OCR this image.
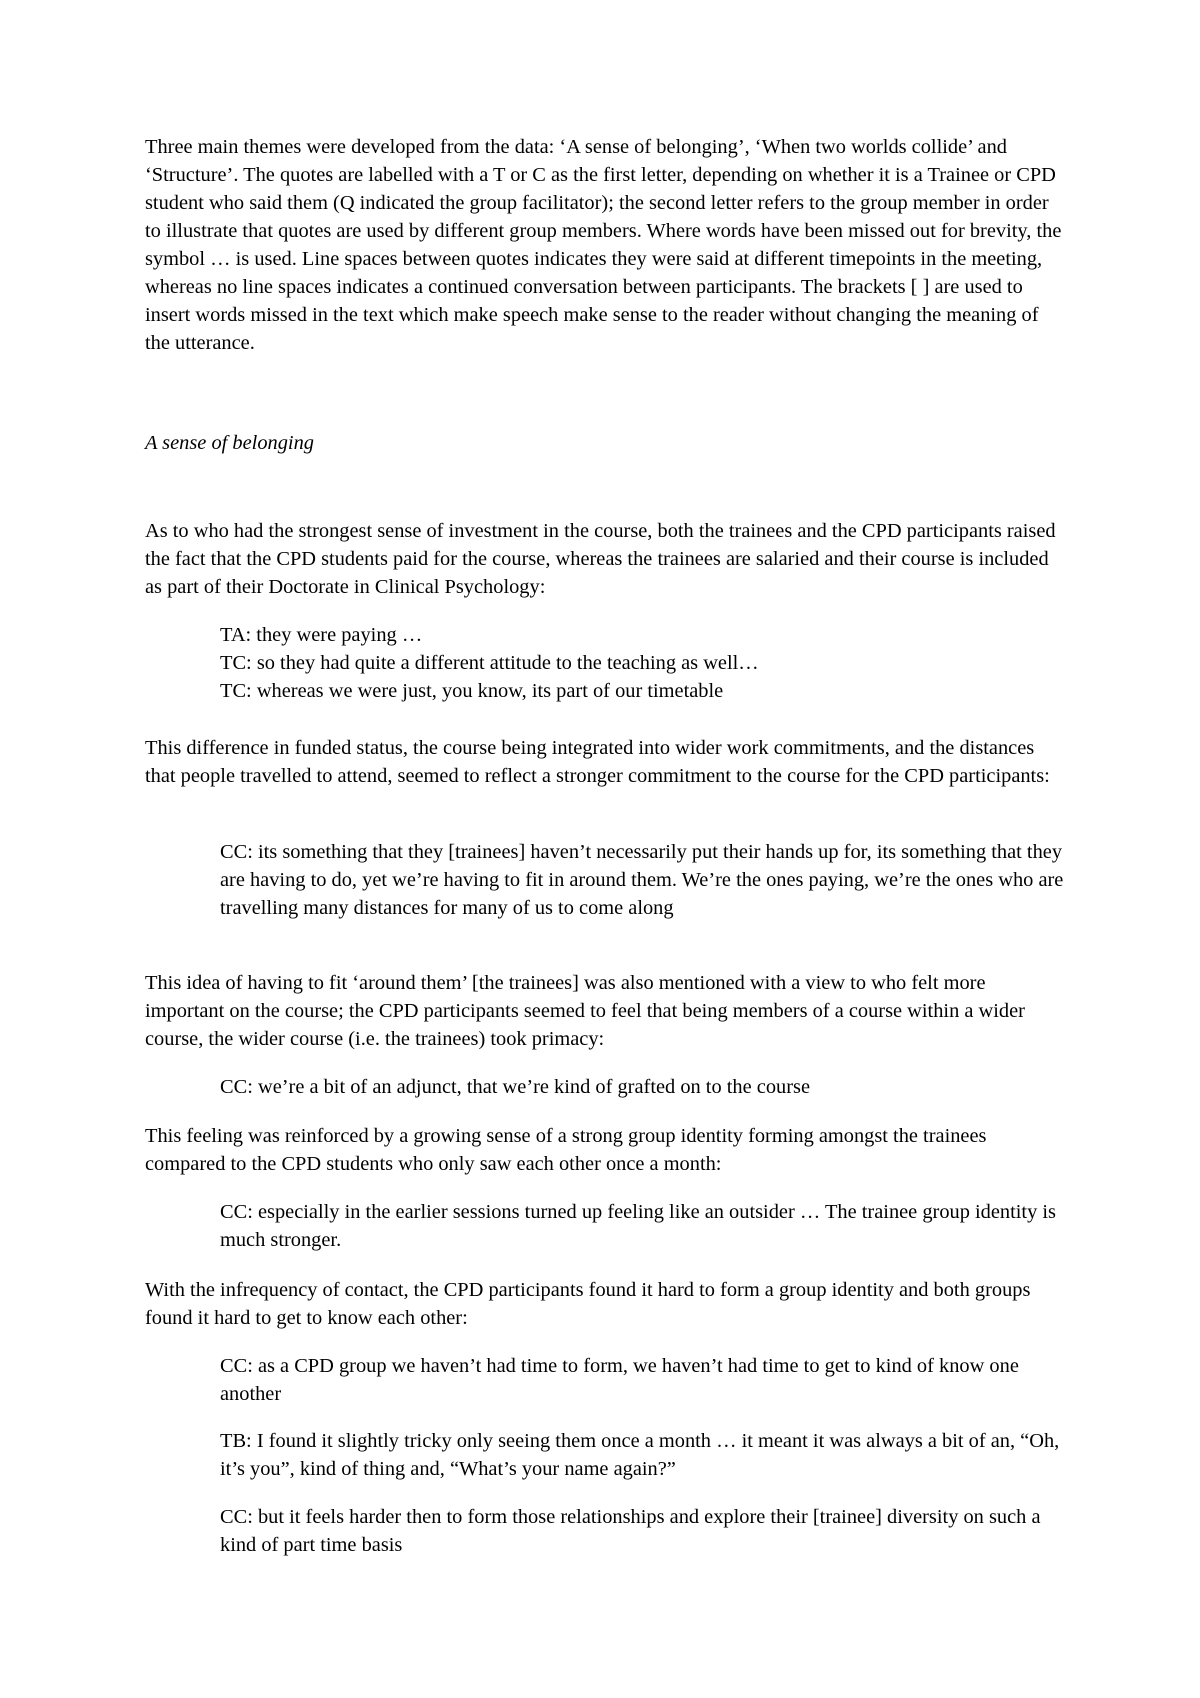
Three main themes were developed from the data: ‘A sense of belonging’, ‘When two worlds collide’ and ‘Structure’. The quotes are labelled with a T or C as the first letter, depending on whether it is a Trainee or CPD student who said them (Q indicated the group facilitator); the second letter refers to the group member in order to illustrate that quotes are used by different group members. Where words have been missed out for brevity, the symbol … is used. Line spaces between quotes indicates they were said at different timepoints in the meeting, whereas no line spaces indicates a continued conversation between participants. The brackets [ ] are used to insert words missed in the text which make speech make sense to the reader without changing the meaning of the utterance.

A sense of belonging

As to who had the strongest sense of investment in the course, both the trainees and the CPD participants raised the fact that the CPD students paid for the course, whereas the trainees are salaried and their course is included as part of their Doctorate in Clinical Psychology:

TA: they were paying …
TC: so they had quite a different attitude to the teaching as well…
TC: whereas we were just, you know, its part of our timetable

This difference in funded status, the course being integrated into wider work commitments, and the distances that people travelled to attend, seemed to reflect a stronger commitment to the course for the CPD participants:

CC: its something that they [trainees] haven’t necessarily put their hands up for, its something that they are having to do, yet we’re having to fit in around them. We’re the ones paying, we’re the ones who are travelling many distances for many of us to come along

This idea of having to fit ‘around them’ [the trainees] was also mentioned with a view to who felt more important on the course; the CPD participants seemed to feel that being members of a course within a wider course, the wider course (i.e. the trainees) took primacy:

CC: we’re a bit of an adjunct, that we’re kind of grafted on to the course

This feeling was reinforced by a growing sense of a strong group identity forming amongst the trainees compared to the CPD students who only saw each other once a month:

CC: especially in the earlier sessions turned up feeling like an outsider … The trainee group identity is much stronger.

With the infrequency of contact, the CPD participants found it hard to form a group identity and both groups found it hard to get to know each other:

CC: as a CPD group we haven’t had time to form, we haven’t had time to get to kind of know one another

TB: I found it slightly tricky only seeing them once a month … it meant it was always a bit of an, “Oh, it’s you”, kind of thing and, “What’s your name again?”

CC: but it feels harder then to form those relationships and explore their [trainee] diversity on such a kind of part time basis
